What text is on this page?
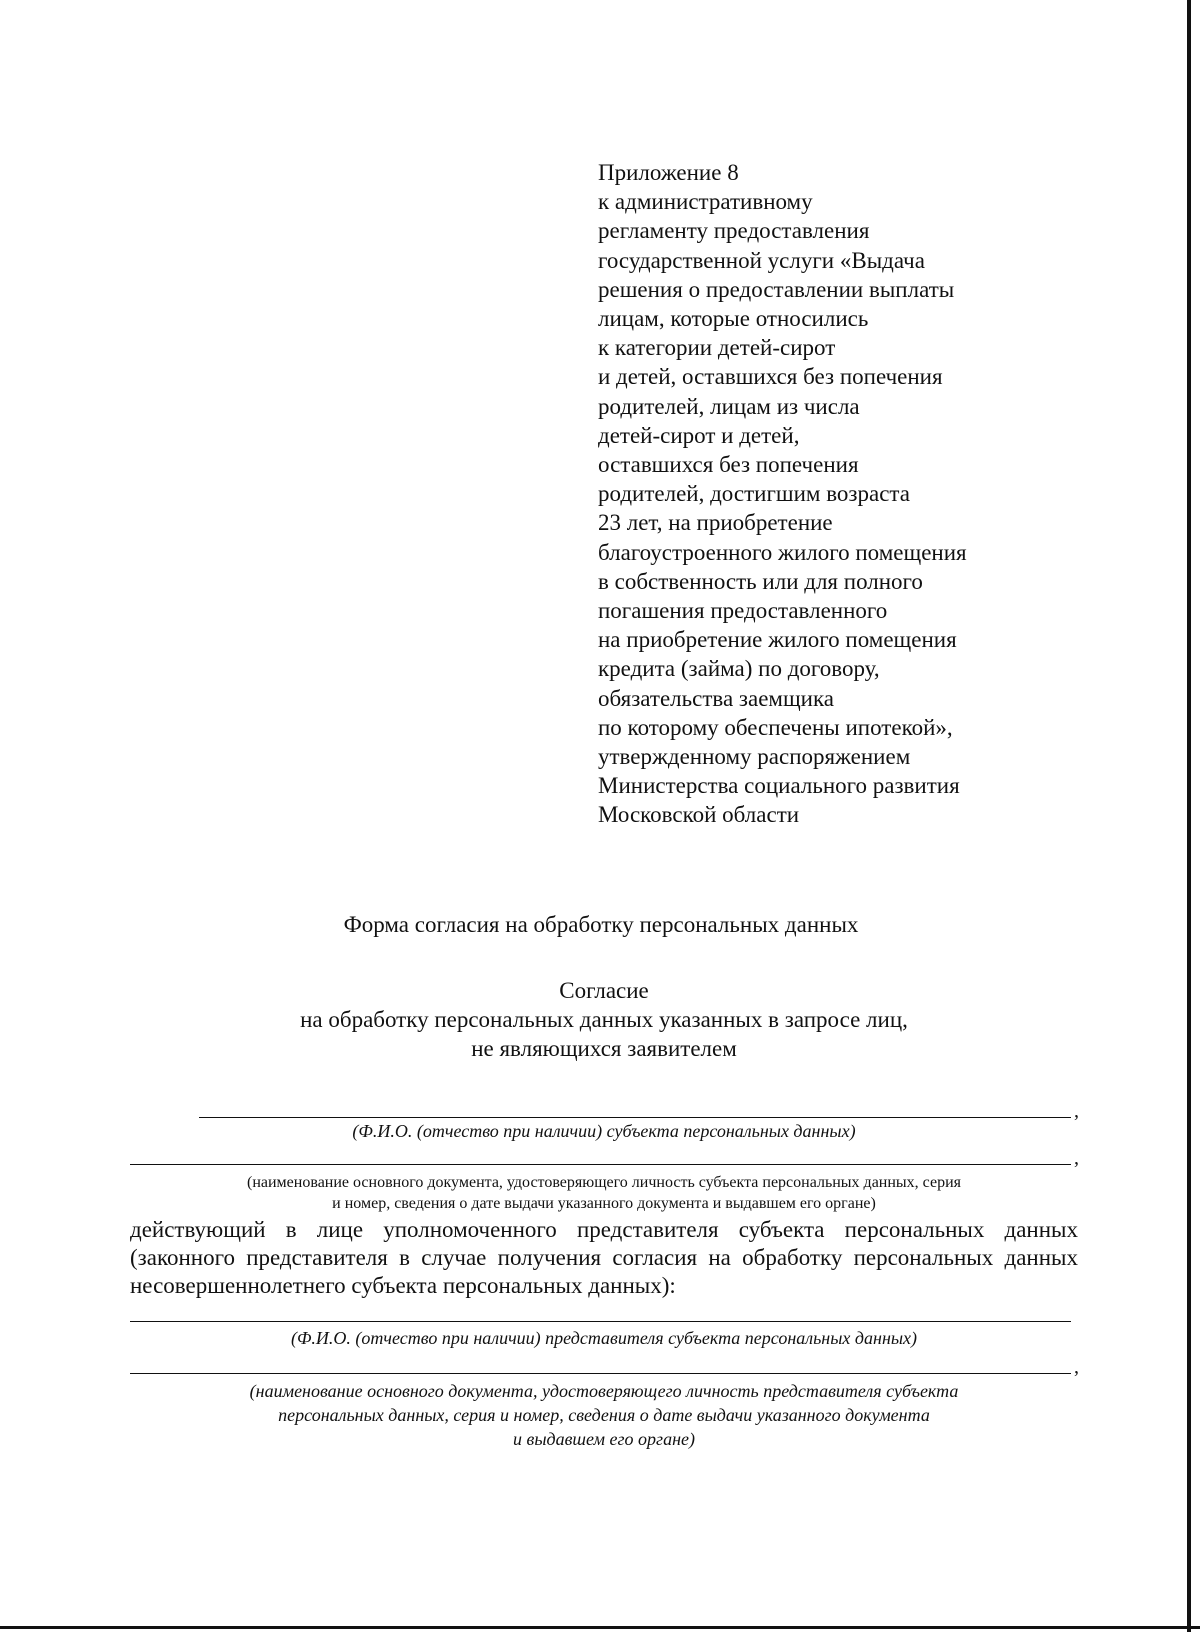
Приложение 8
к административному
регламенту предоставления
государственной услуги «Выдача
решения о предоставлении выплаты
лицам, которые относились
к категории детей-сирот
и детей, оставшихся без попечения
родителей, лицам из числа
детей-сирот и детей,
оставшихся без попечения
родителей, достигшим возраста
23 лет, на приобретение
благоустроенного жилого помещения
в собственность или для полного
погашения предоставленного
на приобретение жилого помещения
кредита (займа) по договору,
обязательства заемщика
по которому обеспечены ипотекой»,
утвержденному распоряжением
Министерства социального развития
Московской области
Форма согласия на обработку персональных данных
Согласие
на обработку персональных данных указанных в запросе лиц,
не являющихся заявителем
,
(Ф.И.О. (отчество при наличии) субъекта персональных данных)
,
(наименование основного документа, удостоверяющего личность субъекта персональных данных, серия
и номер, сведения о дате выдачи указанного документа и выдавшем его органе)
действующий в лице уполномоченного представителя субъекта персональных данных (законного представителя в случае получения согласия на обработку персональных данных несовершеннолетнего субъекта персональных данных):
(Ф.И.О. (отчество при наличии) представителя субъекта персональных данных)
,
(наименование основного документа, удостоверяющего личность представителя субъекта
персональных данных, серия и номер, сведения о дате выдачи указанного документа
и выдавшем его органе)
